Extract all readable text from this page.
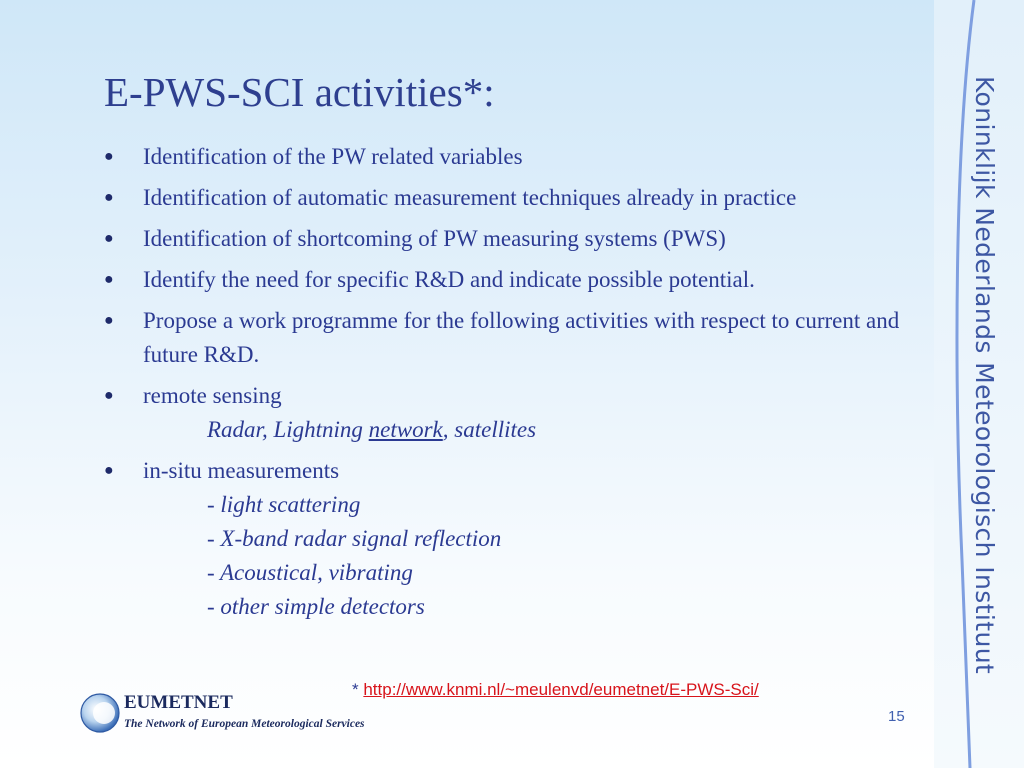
Koninklijk Nederlands Meteorologisch Instituut
E-PWS-SCI activities*:
● Identification of the PW related variables
● Identification of automatic measurement techniques already in practice
● Identification of shortcoming of PW measuring systems (PWS)
● Identify the need for specific R&D and indicate possible potential.
● Propose a work programme for the following activities with respect to current and future R&D.
● remote sensing
Radar, Lightning network, satellites
● in-situ measurements
- light scattering
- X-band radar signal reflection
- Acoustical, vibrating
- other simple detectors
* http://www.knmi.nl/~meulenvd/eumetnet/E-PWS-Sci/
15
EUMETNET
The Network of European Meteorological Services
